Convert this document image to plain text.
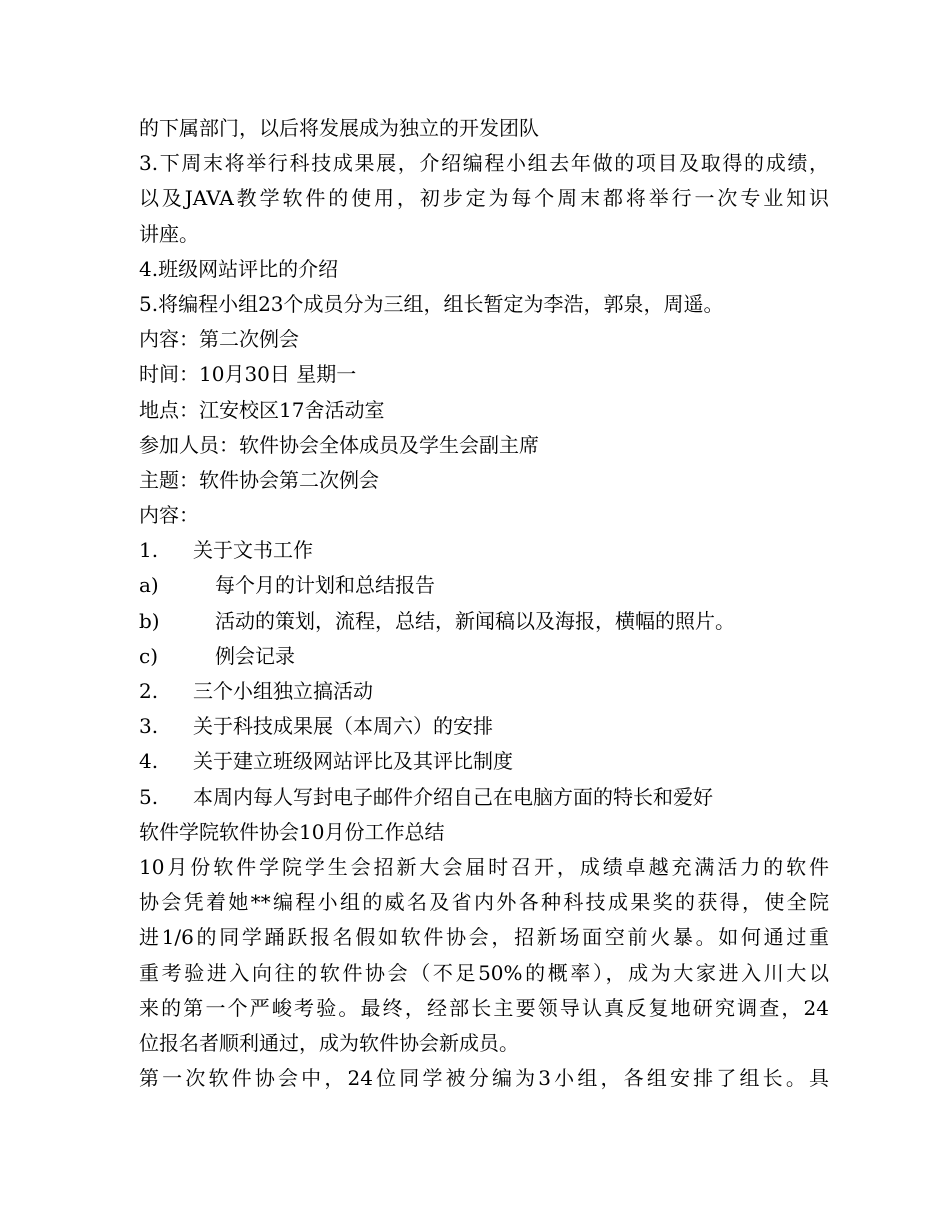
的下属部门，以后将发展成为独立的开发团队
3.下周末将举行科技成果展，介绍编程小组去年做的项目及取得的成绩，
以及JAVA教学软件的使用，初步定为每个周末都将举行一次专业知识
讲座。
4.班级网站评比的介绍
5.将编程小组23个成员分为三组，组长暂定为李浩，郭泉，周遥。
内容：第二次例会
时间：10月30日 星期一
地点：江安校区17舍活动室
参加人员：软件协会全体成员及学生会副主席
主题：软件协会第二次例会
内容：
1. 关于文书工作
a)	每个月的计划和总结报告
b)	活动的策划，流程，总结，新闻稿以及海报，横幅的照片。
c)	例会记录
2. 三个小组独立搞活动
3. 关于科技成果展（本周六）的安排
4. 关于建立班级网站评比及其评比制度
5. 本周内每人写封电子邮件介绍自己在电脑方面的特长和爱好
软件学院软件协会10月份工作总结
10月份软件学院学生会招新大会届时召开，成绩卓越充满活力的软件
协会凭着她**编程小组的威名及省内外各种科技成果奖的获得，使全院
进1/6的同学踊跃报名假如软件协会，招新场面空前火暴。如何通过重
重考验进入向往的软件协会（不足50%的概率），成为大家进入川大以
来的第一个严峻考验。最终，经部长主要领导认真反复地研究调查，24
位报名者顺利通过，成为软件协会新成员。
第一次软件协会中，24位同学被分编为3小组，各组安排了组长。具
